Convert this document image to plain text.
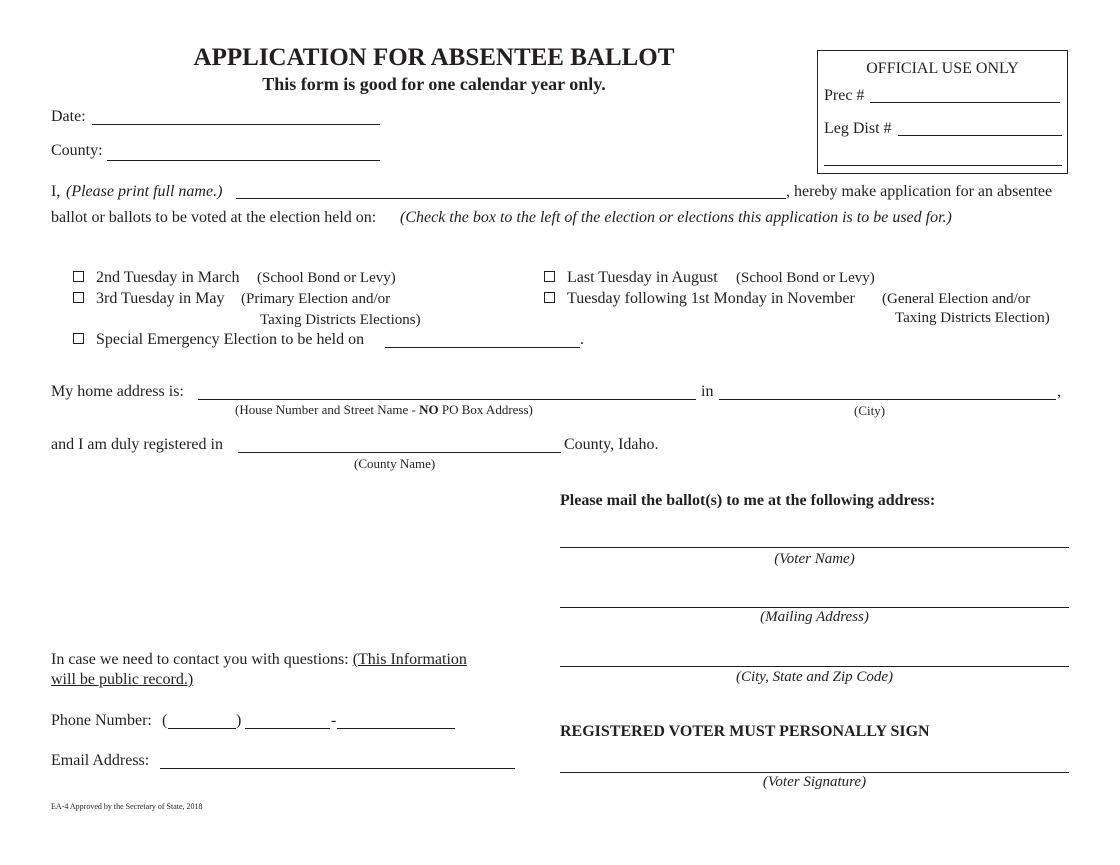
APPLICATION FOR ABSENTEE BALLOT
This form is good for one calendar year only.
OFFICIAL USE ONLY
Prec #
Leg Dist #
Date:
County:
I, (Please print full name.)	, hereby make application for an absentee
ballot or ballots to be voted at the election held on: (Check the box to the left of the election or elections this application is to be used for.)
2nd Tuesday in March (School Bond or Levy)
3rd Tuesday in May (Primary Election and/or
Taxing Districts Elections)
Special Emergency Election to be held on	.
Last Tuesday in August (School Bond or Levy)
Tuesday following 1st Monday in November (General Election and/or
Taxing Districts Election)
My home address is:	in	,
(House Number and Street Name - NO PO Box Address)	(City)
and I am duly registered in	County, Idaho.
(County Name)
Please mail the ballot(s) to me at the following address:
(Voter Name)
(Mailing Address)
(City, State and Zip Code)
In case we need to contact you with questions: (This Information
will be public record.)
Phone Number: (	)	-
Email Address:
REGISTERED VOTER MUST PERSONALLY SIGN
(Voter Signature)
EA-4 Approved by the Secretary of State, 2018
